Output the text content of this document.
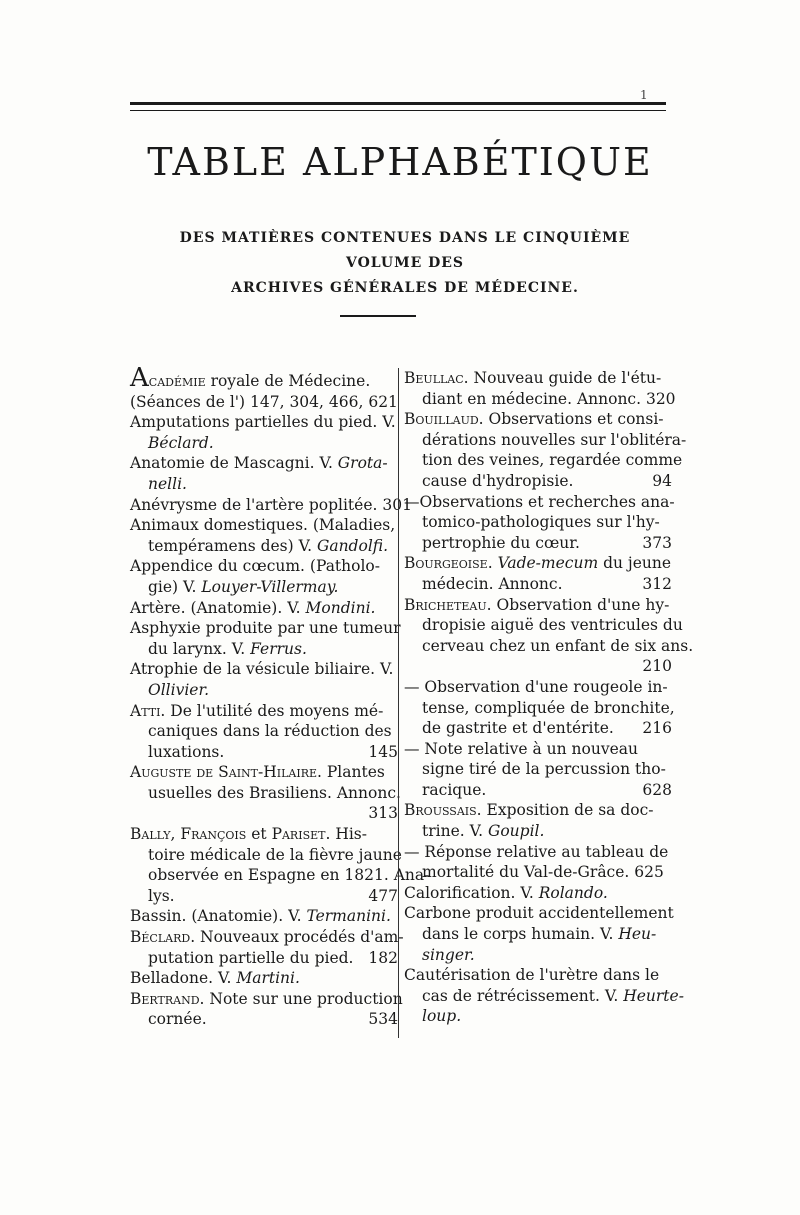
1
TABLE ALPHABÉTIQUE
DES MATIÈRES CONTENUES DANS LE CINQUIÈME VOLUME DES
ARCHIVES GÉNÉRALES DE MÉDECINE.
Académie royale de Médecine.
(Séances de l') 147, 304, 466, 621
Amputations partielles du pied. V.
Béclard.
Anatomie de Mascagni. V. Grota-
nelli.
Anévrysme de l'artère poplitée. 301
Animaux domestiques. (Maladies,
tempéramens des) V. Gandolfi.
Appendice du cœcum. (Patholo-
gie) V. Louyer-Villermay.
Artère. (Anatomie). V. Mondini.
Asphyxie produite par une tumeur
du larynx. V. Ferrus.
Atrophie de la vésicule biliaire. V.
Ollivier.
Atti. De l'utilité des moyens mé-
caniques dans la réduction des
luxations.	145
Auguste de Saint-Hilaire. Plantes
usuelles des Brasiliens. Annonc.
313
Bally, François et Pariset. His-
toire médicale de la fièvre jaune
observée en Espagne en 1821. Ana-
lys.	477
Bassin. (Anatomie). V. Termanini.
Béclard. Nouveaux procédés d'am-
putation partielle du pied. 182
Belladone. V. Martini.
Bertrand. Note sur une production
cornée.	534
Beullac. Nouveau guide de l'étu-
diant en médecine. Annonc. 320
Bouillaud. Observations et consi-
dérations nouvelles sur l'oblitéra-
tion des veines, regardée comme
cause d'hydropisie.	94
—Observations et recherches ana-
tomico-pathologiques sur l'hy-
pertrophie du cœur.	373
Bourgeoise. Vade-mecum du jeune
médecin. Annonc.	312
Bricheteau. Observation d'une hy-
dropisie aiguë des ventricules du
cerveau chez un enfant de six ans.
210
— Observation d'une rougeole in-
tense, compliquée de bronchite,
de gastrite et d'entérite. 216
— Note relative à un nouveau
signe tiré de la percussion tho-
racique.	628
Broussais. Exposition de sa doc-
trine. V. Goupil.
— Réponse relative au tableau de
mortalité du Val-de-Grâce. 625
Calorification. V. Rolando.
Carbone produit accidentellement
dans le corps humain. V. Heu-
singer.
Cautérisation de l'urètre dans le
cas de rétrécissement. V. Heurte-
loup.
